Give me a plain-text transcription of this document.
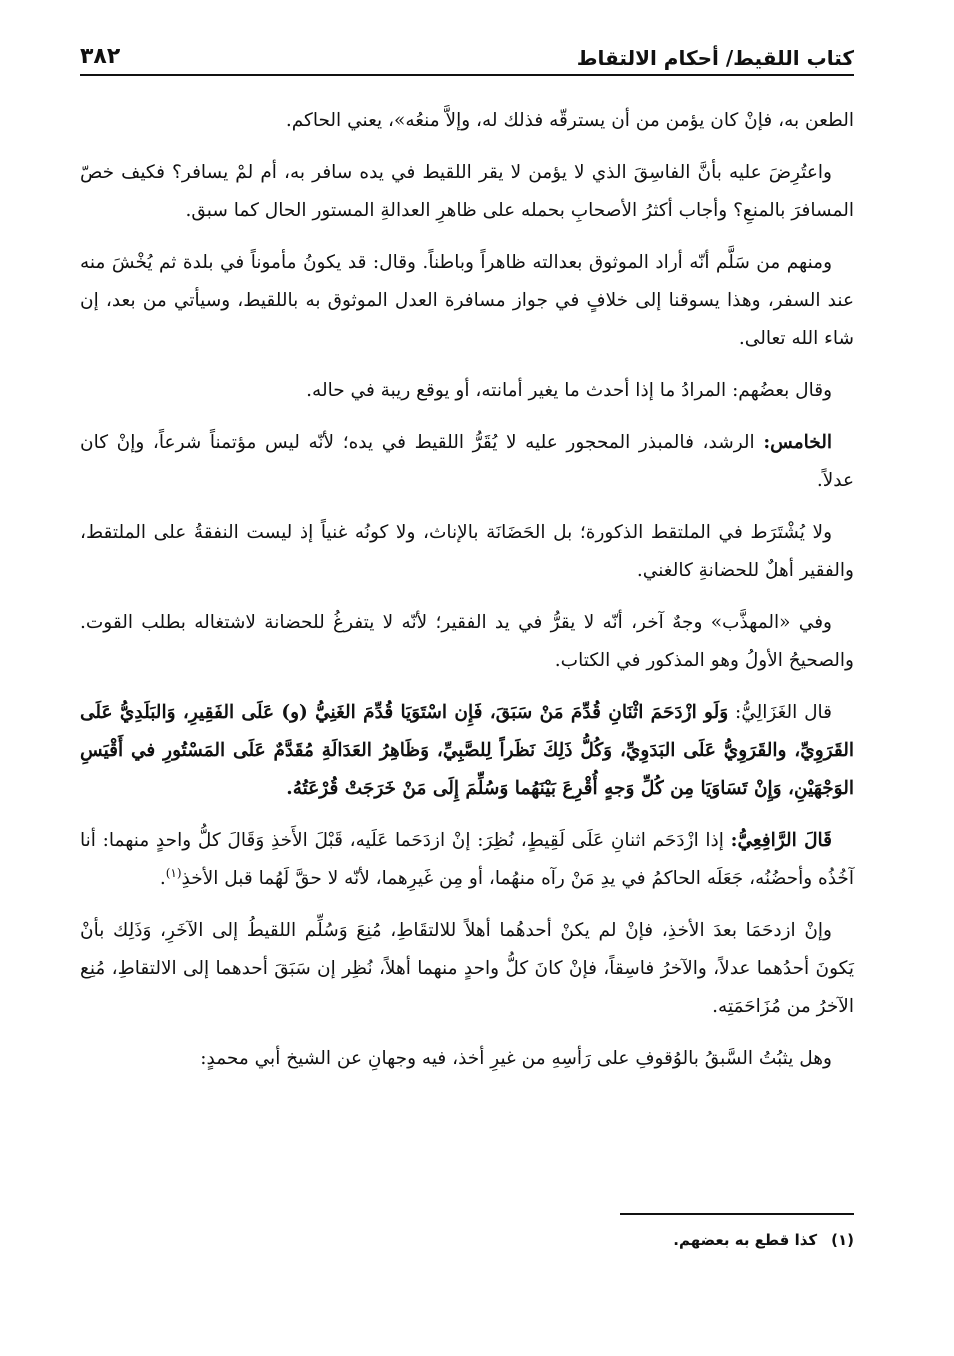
كتاب اللقيط/ أحكام الالتقاط
٣٨٢

الطعن به، فإنْ كان يؤمن من أن يسترقّه فذلك له، وإلاَّ منعُه»، يعني الحاكم.

واعتُرِضَ عليه بأنَّ الفاسِقَ الذي لا يؤمن لا يقر اللقيط في يده سافر به، أم لمْ يسافر؟ فكيف خصّ المسافرَ بالمنعِ؟ وأجاب أكثرُ الأصحابِ بحمله على ظاهرِ العدالةِ المستور الحال كما سبق.

ومنهم من سَلَّم أنّه أراد الموثوق بعدالته ظاهراً وباطناً. وقال: قد يكونُ مأموناً في بلدة ثم يُخْشَ منه عند السفر، وهذا يسوقنا إلى خلافٍ في جواز مسافرة العدل الموثوق به باللقيط، وسيأتي من بعد، إن شاء الله تعالى.

وقال بعضُهم: المرادُ ما إذا أحدث ما يغير أمانته، أو يوقع ريبة في حاله.

الخامس: الرشد، فالمبذر المحجور عليه لا يُقَرُّ اللقيط في يده؛ لأنّه ليس مؤتمناً شرعاً، وإنْ كان عدلاً.

ولا يُشْتَرَط في الملتقط الذكورة؛ بل الحَضَانَة بالإناث، ولا كونُه غنياً إذ ليست النفقةُ على الملتقط، والفقير أهلٌ للحضانةِ كالغني.

وفي «المهذَّب» وجهٌ آخر، أنّه لا يقرُّ في يد الفقير؛ لأنّه لا يتفرغُ للحضانة لاشتغاله بطلب القوت. والصحيحُ الأولُ وهو المذكور في الكتاب.

قال الغَزَالِيُّ: وَلَو ازْدَحَمَ اثْنَانِ قُدِّمَ مَنْ سَبَقَ، فَإِن اسْتَوَيَا قُدِّمَ الغَنِيُّ (و) عَلَى الفَقِيرِ، وَالبَلَدِيُّ عَلَى القَرَوِيِّ، والقَرَوِيُّ عَلَى البَدَوِيِّ، وَكُلُّ ذَلِكَ نَظَراً لِلصَّبِيِّ، وَظَاهِرُ العَدَالَةِ مُقَدَّمٌ عَلَى المَسْتُورِ في أَقْيَسِ الوَجْهَيْنِ، وَإِنْ تَسَاوَيَا مِن كُلِّ وَجهٍ أُقْرِعَ بَيْنَهُما وَسُلِّمَ إِلَى مَنْ خَرَجَتْ قُرْعَتُهُ.

قَالَ الرَّافِعِيُّ: إذا ازْدَحَم اثنانِ عَلَى لَقِيطٍ، نُظِرَ: إنْ ازدَحَما عَلَيه، قَبْلَ الأَخذِ وَقَالَ كلُّ واحدٍ منهما: أنا آخُذُه وأحضُنُه، جَعَلَه الحاكمُ في يدِ مَنْ رآه منهُما، أو مِن غَيرِهما، لأنّه لا حقَّ لَهُما قبل الأخذِ$^{(١)}$.

وإنْ ازدحَمَا بعدَ الأخذِ، فإنْ لم يكنْ أحدهُما أهلاً للالتقَاطِ، مُنِعَ وَسُلِّم اللقيطُ إلى الآخَرِ، وَذَلِك بأنْ يَكونَ أحدُهما عدلاً، والآخرُ فاسِقاً، فإنْ كانَ كلُّ واحدٍ منهما أهلاً، نُظِر إن سَبَقَ أحدهما إلى الالتقاطِ، مُنِع الآخرُ من مُزَاحَمَتِه.

وهل يثبُتُ السَّبقُ بالوُقوفِ على رَأسِهِ من غيرِ أخذ، فيه وجهانِ عن الشيخ أبي محمدٍ:

(١)كذا قطع به بعضهم.
